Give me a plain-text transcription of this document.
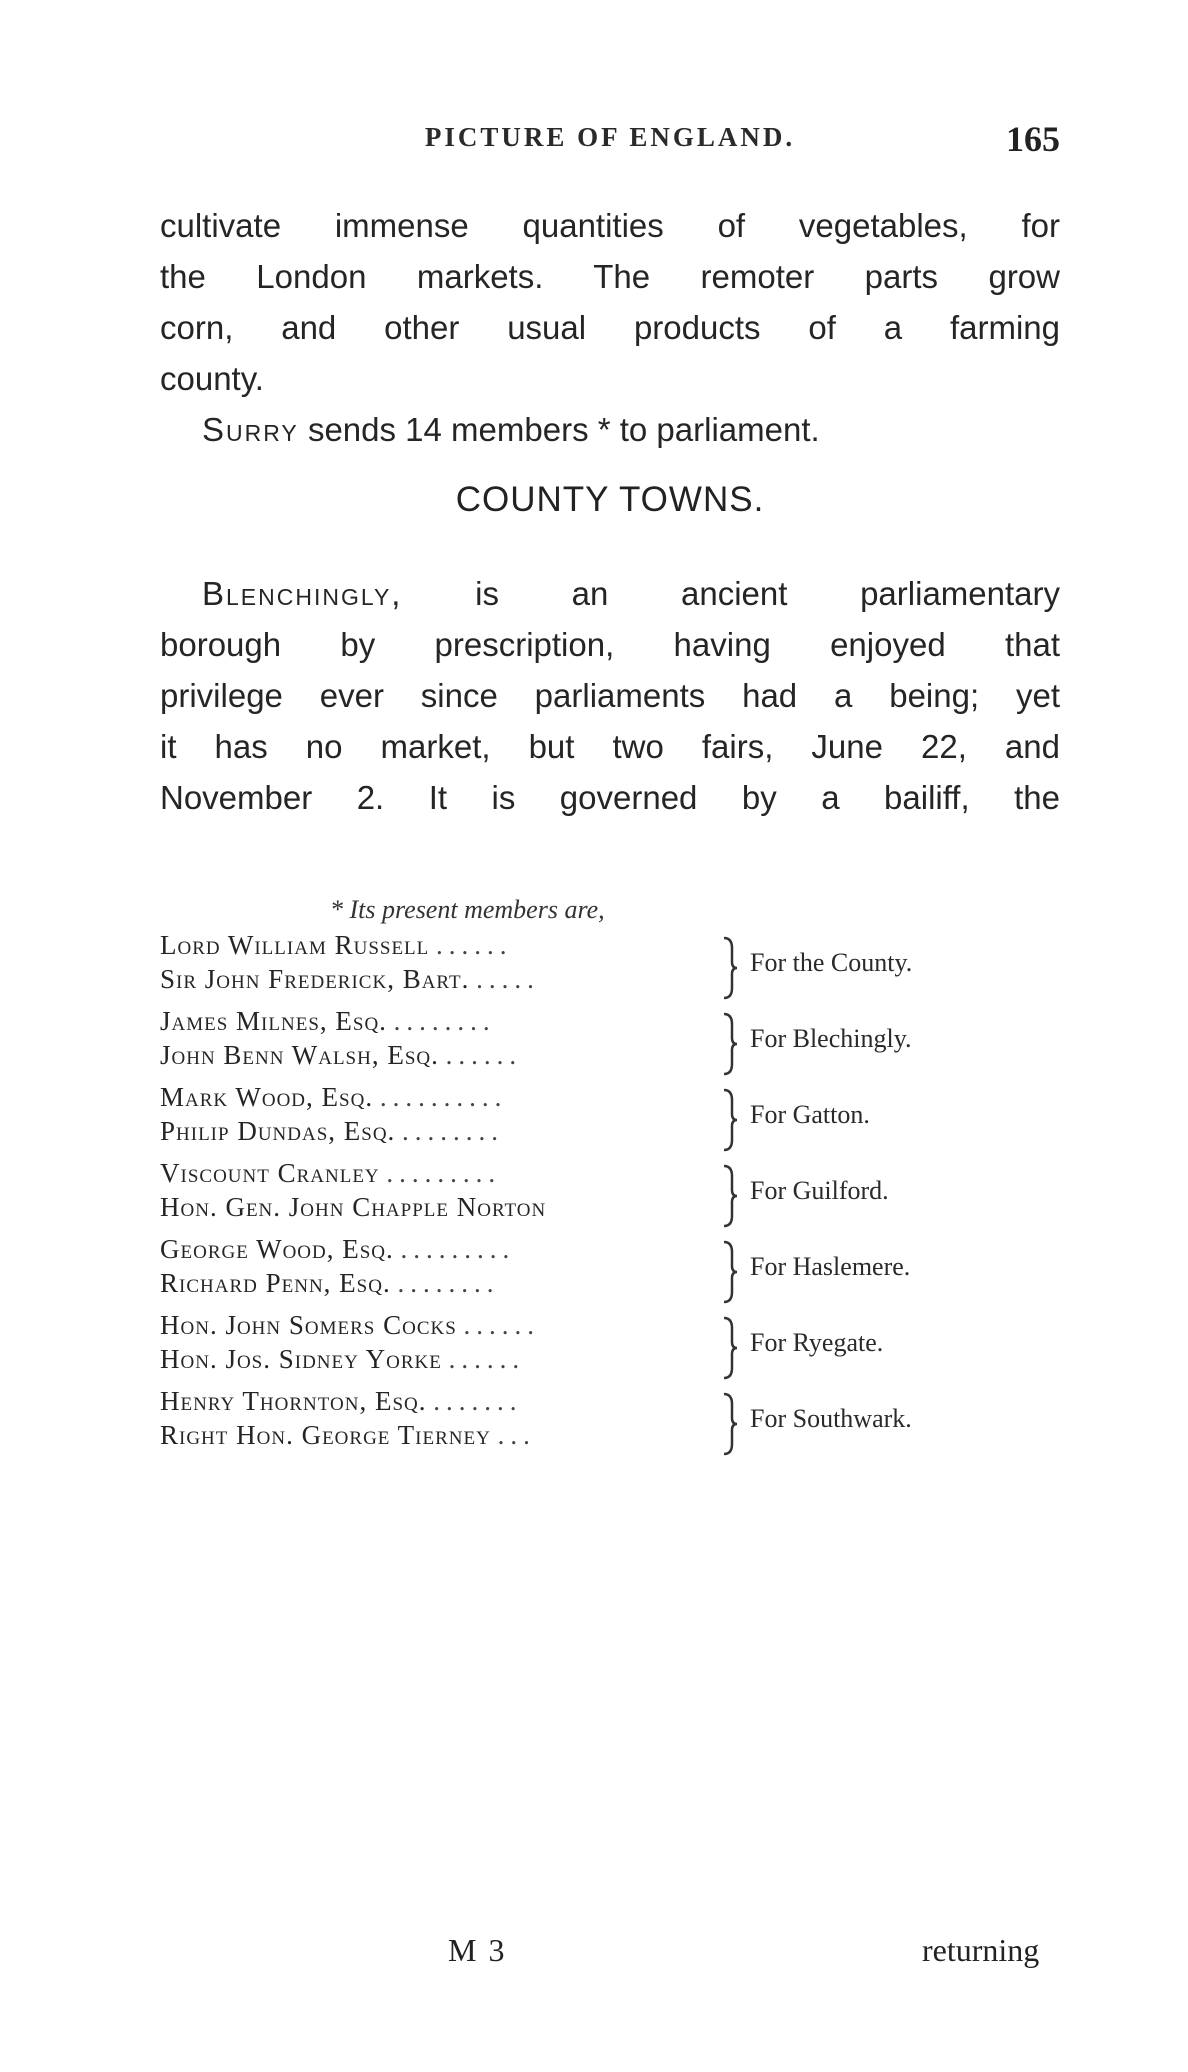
PICTURE OF ENGLAND.	165
cultivate immense quantities of vegetables, for
the London markets. The remoter parts grow
corn, and other usual products of a farming
county.
Surry sends 14 members * to parliament.
COUNTY TOWNS.
Blenchingly, is an ancient parliamentary
borough by prescription, having enjoyed that
privilege ever since parliaments had a being; yet
it has no market, but two fairs, June 22, and
November 2. It is governed by a bailiff, the
* Its present members are,
Lord William Russell ......
Sir John Frederick, Bart. .....
For the County.
James Milnes, Esq. ........
John Benn Walsh, Esq. ......
For Blechingly.
Mark Wood, Esq. ..........
Philip Dundas, Esq. ........
For Gatton.
Viscount Cranley .........
Hon. Gen. John Chapple Norton
For Guilford.
George Wood, Esq. .........
Richard Penn, Esq. ........
For Haslemere.
Hon. John Somers Cocks ......
Hon. Jos. Sidney Yorke ......
For Ryegate.
Henry Thornton, Esq. .......
Right Hon. George Tierney ...
For Southwark.
M 3	returning
